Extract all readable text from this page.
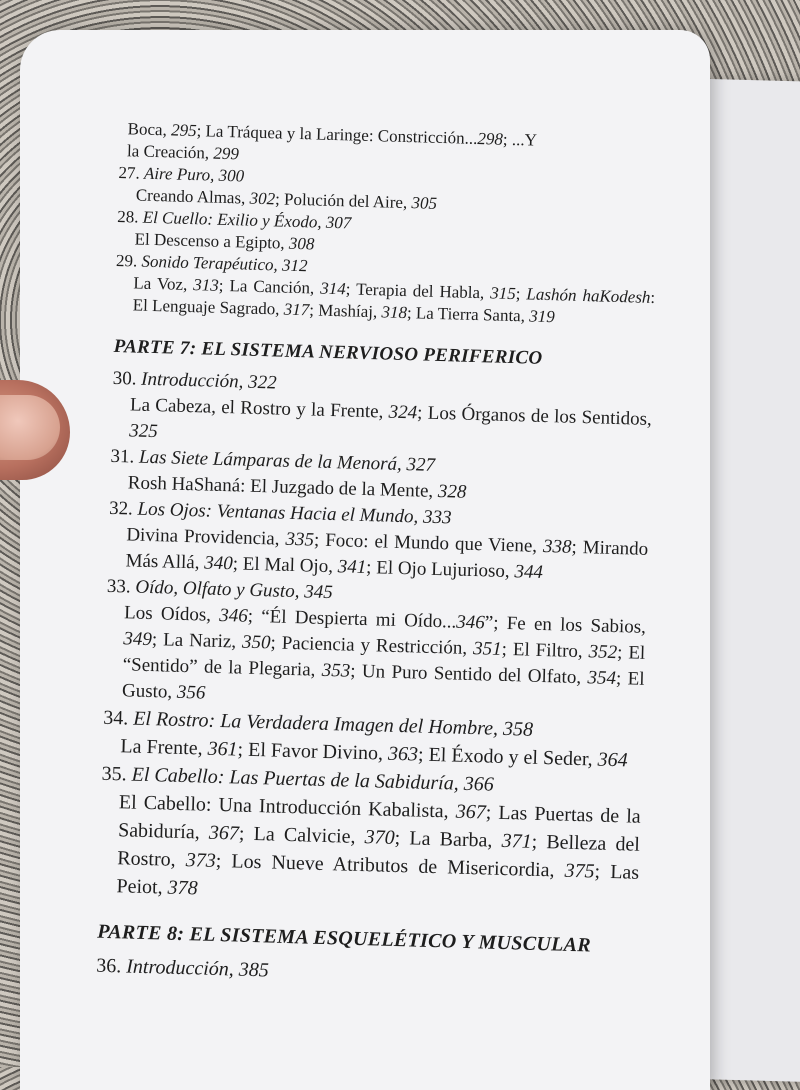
Boca, 295; La Tráquea y la Laringe: Constricción...298; ...Y
la Creación, 299
27. Aire Puro, 300
Creando Almas, 302; Polución del Aire, 305
28. El Cuello: Exilio y Éxodo, 307
El Descenso a Egipto, 308
29. Sonido Terapéutico, 312
La Voz, 313; La Canción, 314; Terapia del Habla, 315; Lashón haKodesh: El Lenguaje Sagrado, 317; Mashíaj, 318; La Tierra Santa, 319
PARTE 7: EL SISTEMA NERVIOSO PERIFERICO
30. Introducción, 322
La Cabeza, el Rostro y la Frente, 324; Los Órganos de los Sentidos, 325
31. Las Siete Lámparas de la Menorá, 327
Rosh HaShaná: El Juzgado de la Mente, 328
32. Los Ojos: Ventanas Hacia el Mundo, 333
Divina Providencia, 335; Foco: el Mundo que Viene, 338; Mirando Más Allá, 340; El Mal Ojo, 341; El Ojo Lujurioso, 344
33. Oído, Olfato y Gusto, 345
Los Oídos, 346; “Él Despierta mi Oído...346”; Fe en los Sabios, 349; La Nariz, 350; Paciencia y Restricción, 351; El Filtro, 352; El “Sentido” de la Plegaria, 353; Un Puro Sentido del Olfato, 354; El Gusto, 356
34. El Rostro: La Verdadera Imagen del Hombre, 358
La Frente, 361; El Favor Divino, 363; El Éxodo y el Seder, 364
35. El Cabello: Las Puertas de la Sabiduría, 366
El Cabello: Una Introducción Kabalista, 367; Las Puertas de la Sabiduría, 367; La Calvicie, 370; La Barba, 371; Belleza del Rostro, 373; Los Nueve Atributos de Misericordia, 375; Las Peiot, 378
PARTE 8: EL SISTEMA ESQUELÉTICO Y MUSCULAR
36. Introducción, 385
